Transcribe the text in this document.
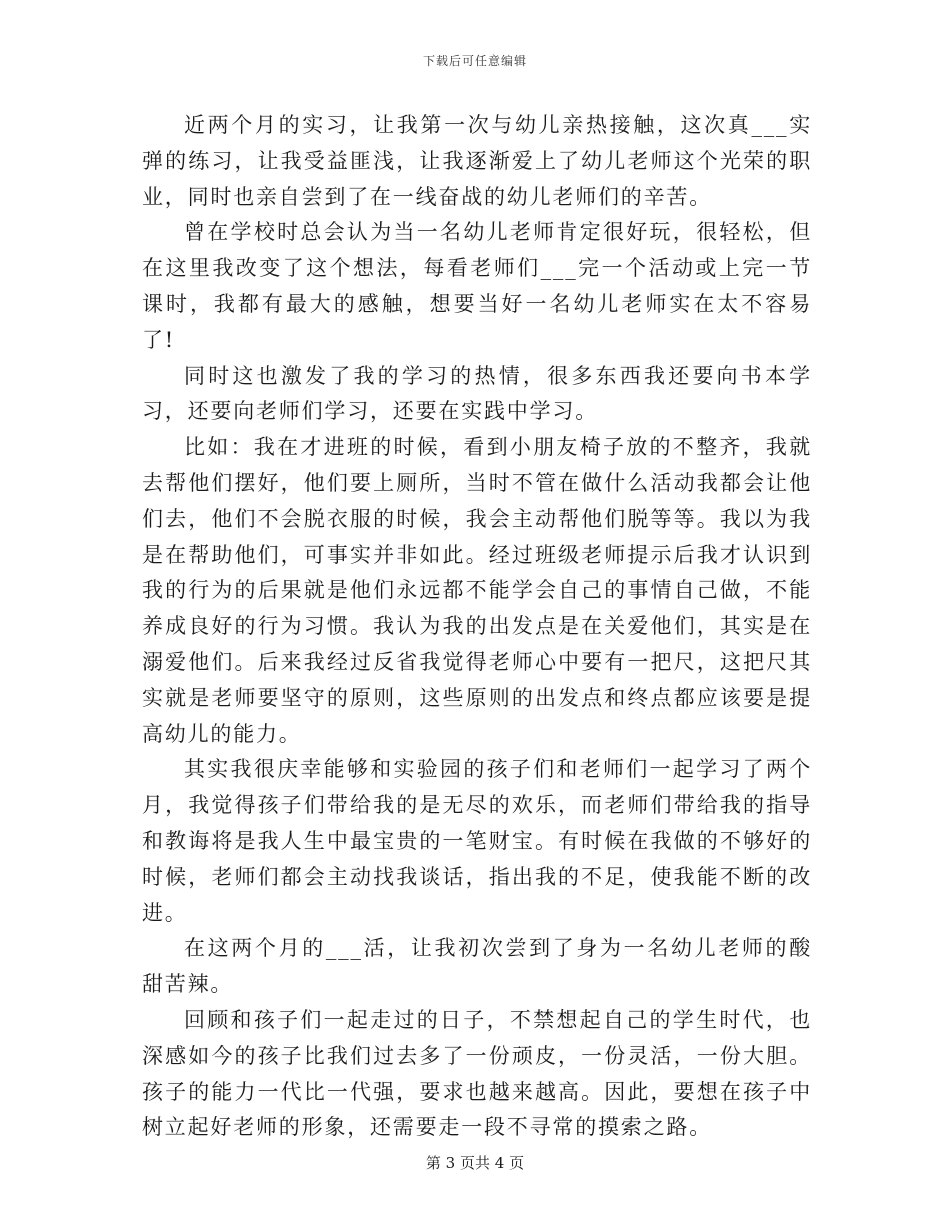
下载后可任意编辑

近两个月的实习，让我第一次与幼儿亲热接触，这次真___实弹的练习，让我受益匪浅，让我逐渐爱上了幼儿老师这个光荣的职业，同时也亲自尝到了在一线奋战的幼儿老师们的辛苦。

曾在学校时总会认为当一名幼儿老师肯定很好玩，很轻松，但在这里我改变了这个想法，每看老师们___完一个活动或上完一节课时，我都有最大的感触，想要当好一名幼儿老师实在太不容易了!

同时这也激发了我的学习的热情，很多东西我还要向书本学习，还要向老师们学习，还要在实践中学习。

比如：我在才进班的时候，看到小朋友椅子放的不整齐，我就去帮他们摆好，他们要上厕所，当时不管在做什么活动我都会让他们去，他们不会脱衣服的时候，我会主动帮他们脱等等。我以为我是在帮助他们，可事实并非如此。经过班级老师提示后我才认识到我的行为的后果就是他们永远都不能学会自己的事情自己做，不能养成良好的行为习惯。我认为我的出发点是在关爱他们，其实是在溺爱他们。后来我经过反省我觉得老师心中要有一把尺，这把尺其实就是老师要坚守的原则，这些原则的出发点和终点都应该要是提高幼儿的能力。

其实我很庆幸能够和实验园的孩子们和老师们一起学习了两个月，我觉得孩子们带给我的是无尽的欢乐，而老师们带给我的指导和教诲将是我人生中最宝贵的一笔财宝。有时候在我做的不够好的时候，老师们都会主动找我谈话，指出我的不足，使我能不断的改进。

在这两个月的___活，让我初次尝到了身为一名幼儿老师的酸甜苦辣。

回顾和孩子们一起走过的日子，不禁想起自己的学生时代，也深感如今的孩子比我们过去多了一份顽皮，一份灵活，一份大胆。孩子的能力一代比一代强，要求也越来越高。因此，要想在孩子中树立起好老师的形象，还需要走一段不寻常的摸索之路。

第 3 页共 4 页
